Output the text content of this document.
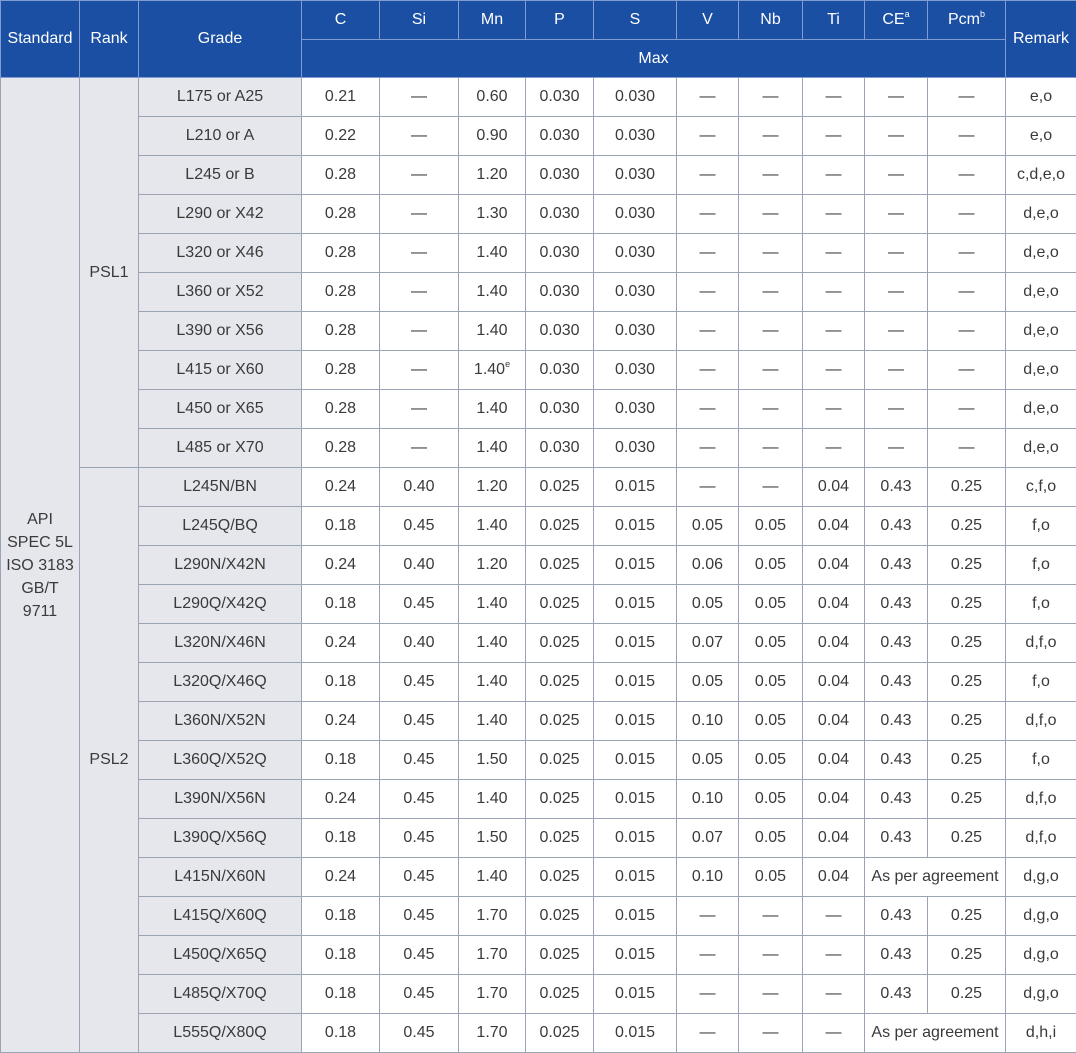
Standard	Rank	Grade	C	Si	Mn	P	S	V	Nb	Ti	$CE^a$	Pcm$^b$	Remark
			Max										

API
SPEC 5L
ISO 3183
GB/T
9711	PSL1	L175 or A25	0.21	—	0.60	0.030	0.030	—	—	—	—	—	e,o
		L210 or A	0.22	—	0.90	0.030	0.030	—	—	—	—	—	e,o
		L245 or B	0.28	—	1.20	0.030	0.030	—	—	—	—	—	c,d,e,o
		L290 or X42	0.28	—	1.30	0.030	0.030	—	—	—	—	—	d,e,o
		L320 or X46	0.28	—	1.40	0.030	0.030	—	—	—	—	—	d,e,o
		L360 or X52	0.28	—	1.40	0.030	0.030	—	—	—	—	—	d,e,o
		L390 or X56	0.28	—	1.40	0.030	0.030	—	—	—	—	—	d,e,o
		L415 or X60	0.28	—	1.40e	0.030	0.030	—	—	—	—	—	d,e,o
		L450 or X65	0.28	—	1.40	0.030	0.030	—	—	—	—	—	d,e,o
		L485 or X70	0.28	—	1.40	0.030	0.030	—	—	—	—	—	d,e,o
	PSL2	L245N/BN	0.24	0.40	1.20	0.025	0.015	—	—	0.04	0.43	0.25	c,f,o
		L245Q/BQ	0.18	0.45	1.40	0.025	0.015	0.05	0.05	0.04	0.43	0.25	f,o
		L290N/X42N	0.24	0.40	1.20	0.025	0.015	0.06	0.05	0.04	0.43	0.25	f,o
		L290Q/X42Q	0.18	0.45	1.40	0.025	0.015	0.05	0.05	0.04	0.43	0.25	f,o
		L320N/X46N	0.24	0.40	1.40	0.025	0.015	0.07	0.05	0.04	0.43	0.25	d,f,o
		L320Q/X46Q	0.18	0.45	1.40	0.025	0.015	0.05	0.05	0.04	0.43	0.25	f,o
		L360N/X52N	0.24	0.45	1.40	0.025	0.015	0.10	0.05	0.04	0.43	0.25	d,f,o
		L360Q/X52Q	0.18	0.45	1.50	0.025	0.015	0.05	0.05	0.04	0.43	0.25	f,o
		L390N/X56N	0.24	0.45	1.40	0.025	0.015	0.10	0.05	0.04	0.43	0.25	d,f,o
		L390Q/X56Q	0.18	0.45	1.50	0.025	0.015	0.07	0.05	0.04	0.43	0.25	d,f,o
		L415N/X60N	0.24	0.45	1.40	0.025	0.015	0.10	0.05	0.04	As per agreement		d,g,o
		L415Q/X60Q	0.18	0.45	1.70	0.025	0.015	—	—	—	0.43	0.25	d,g,o
		L450Q/X65Q	0.18	0.45	1.70	0.025	0.015	—	—	—	0.43	0.25	d,g,o
		L485Q/X70Q	0.18	0.45	1.70	0.025	0.015	—	—	—	0.43	0.25	d,g,o
		L555Q/X80Q	0.18	0.45	1.70	0.025	0.015	—	—	—	As per agreement		d,h,i
